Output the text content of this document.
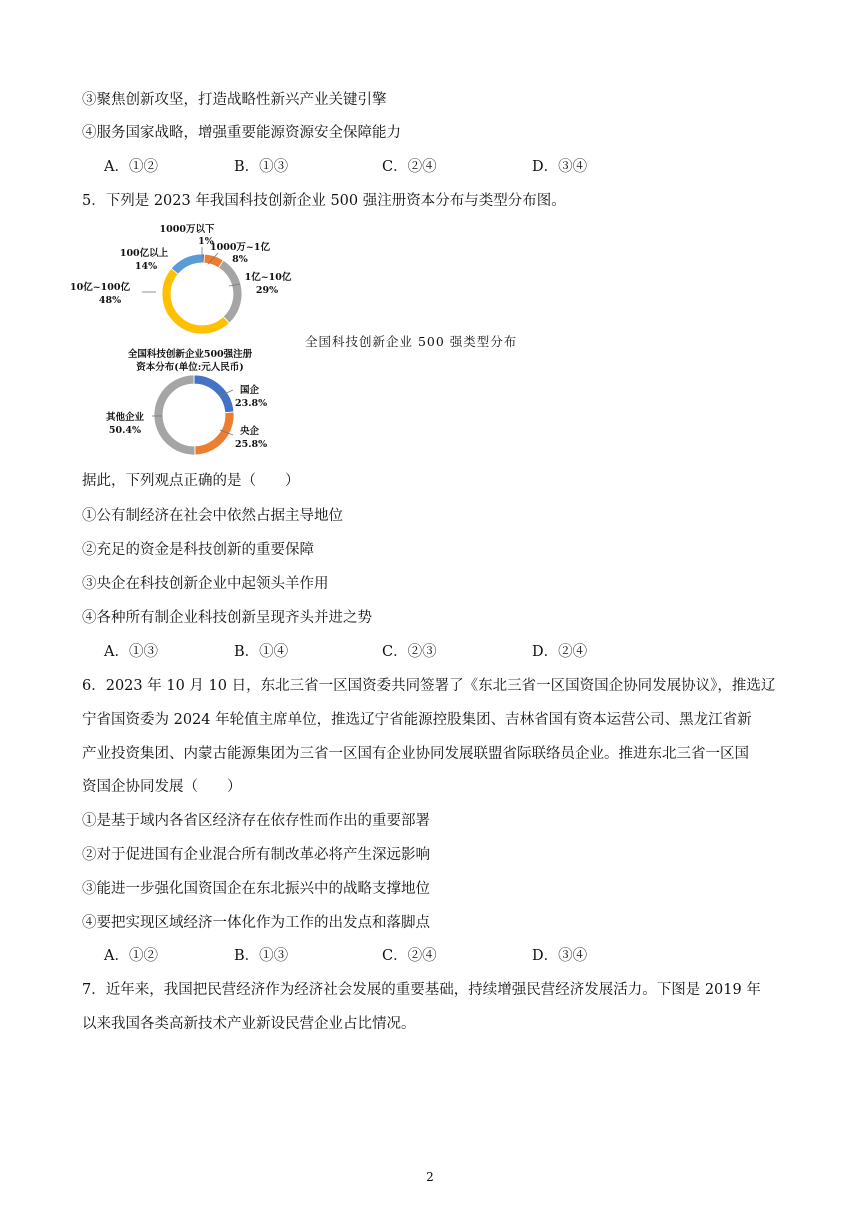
③聚焦创新攻坚，打造战略性新兴产业关键引擎
④服务国家战略，增强重要能源资源安全保障能力
A．①②	B．①③	C．②④	D．③④
5．下列是 2023 年我国科技创新企业 500 强注册资本分布与类型分布图。
1000万以下
1%
1000万~1亿
8%
1亿~10亿
29%
10亿~100亿
48%
100亿以上
14%
全国科技创新企业500强注册
资本分布(单位:元人民币)
全国科技创新企业 500 强类型分布
国企
23.8%
央企
25.8%
其他企业
50.4%
据此，下列观点正确的是（　　）
①公有制经济在社会中依然占据主导地位
②充足的资金是科技创新的重要保障
③央企在科技创新企业中起领头羊作用
④各种所有制企业科技创新呈现齐头并进之势
A．①③	B．①④	C．②③	D．②④
6．2023 年 10 月 10 日，东北三省一区国资委共同签署了《东北三省一区国资国企协同发展协议》，推选辽
宁省国资委为 2024 年轮值主席单位，推选辽宁省能源控股集团、吉林省国有资本运营公司、黑龙江省新
产业投资集团、内蒙古能源集团为三省一区国有企业协同发展联盟省际联络员企业。推进东北三省一区国
资国企协同发展（　　）
①是基于域内各省区经济存在依存性而作出的重要部署
②对于促进国有企业混合所有制改革必将产生深远影响
③能进一步强化国资国企在东北振兴中的战略支撑地位
④要把实现区域经济一体化作为工作的出发点和落脚点
A．①②	B．①③	C．②④	D．③④
7．近年来，我国把民营经济作为经济社会发展的重要基础，持续增强民营经济发展活力。下图是 2019 年
以来我国各类高新技术产业新设民营企业占比情况。
2
